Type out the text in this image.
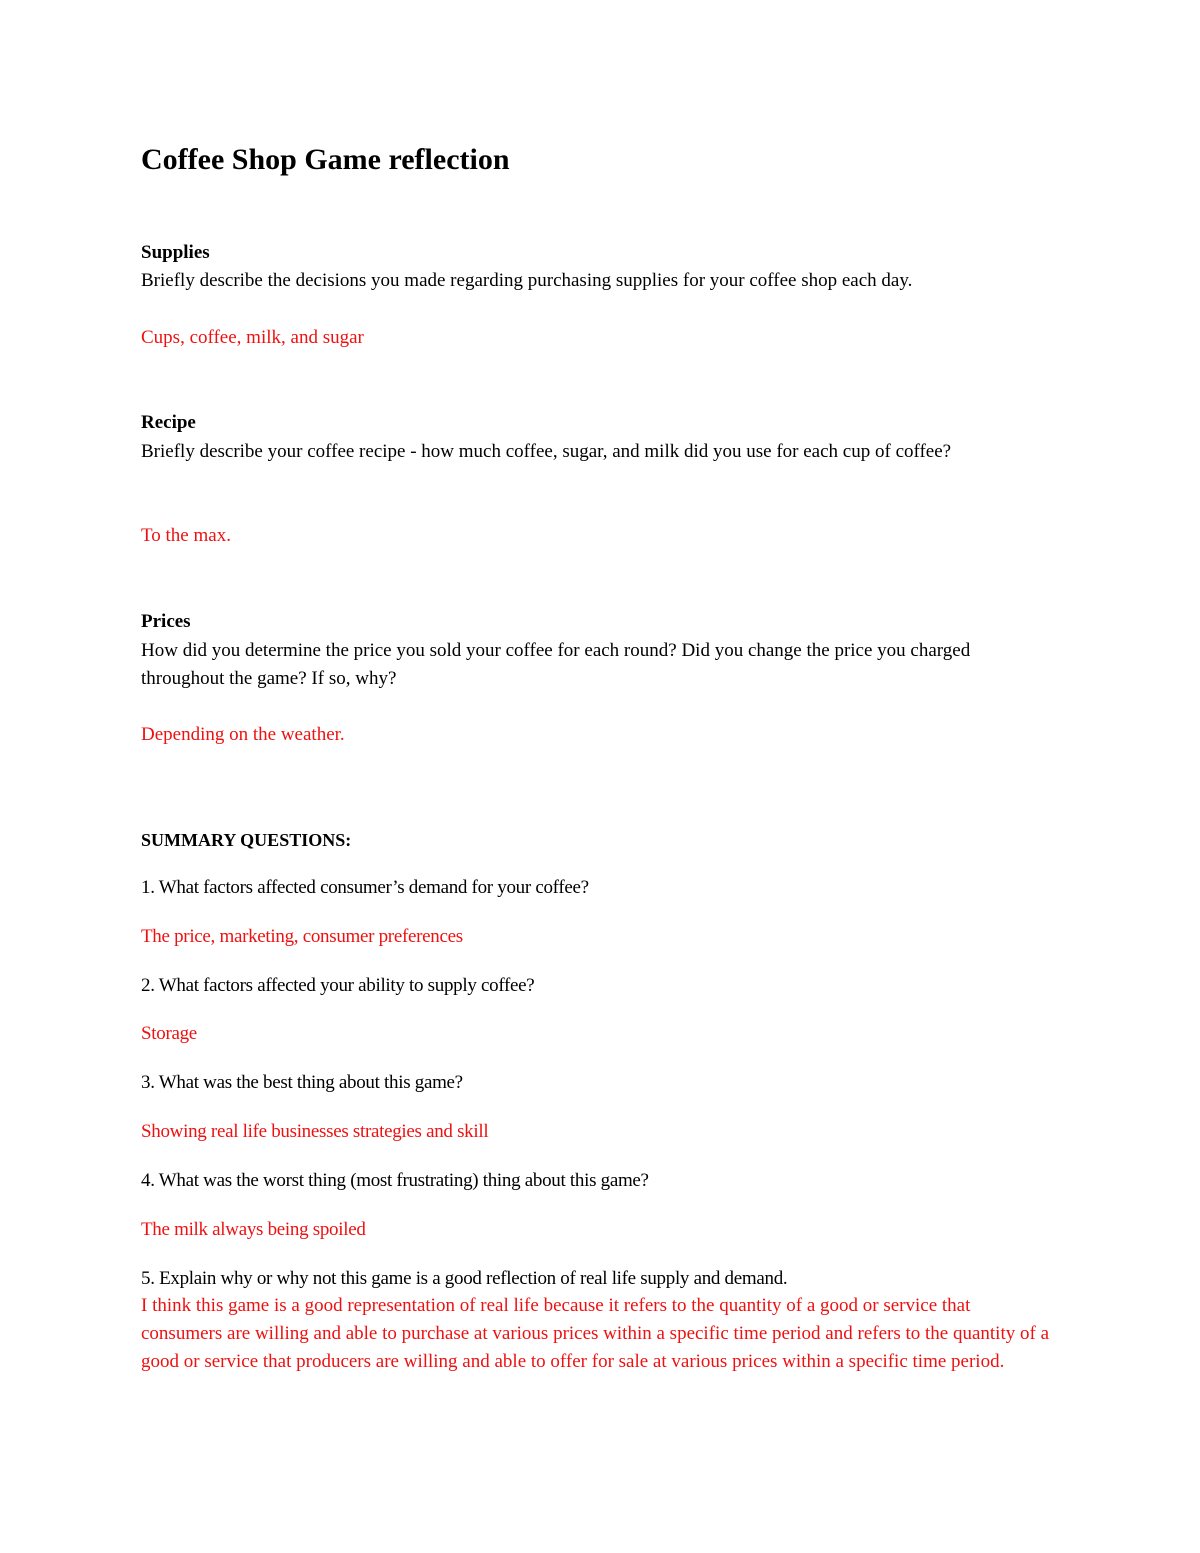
Coffee Shop Game reflection
Supplies
Briefly describe the decisions you made regarding purchasing supplies for your coffee shop each day.
Cups, coffee, milk, and sugar
Recipe
Briefly describe your coffee recipe - how much coffee, sugar, and milk did you use for each cup of coffee?
To the max.
Prices
How did you determine the price you sold your coffee for each round? Did you change the price you charged throughout the game? If so, why?
Depending on the weather.
SUMMARY QUESTIONS:
1. What factors affected consumer’s demand for your coffee?
The price, marketing, consumer preferences
2. What factors affected your ability to supply coffee?
Storage
3. What was the best thing about this game?
Showing real life businesses strategies and skill
4. What was the worst thing (most frustrating) thing about this game?
The milk always being spoiled
5. Explain why or why not this game is a good reflection of real life supply and demand.
I think this game is a good representation of real life because it refers to the quantity of a good or service that consumers are willing and able to purchase at various prices within a specific time period and refers to the quantity of a good or service that producers are willing and able to offer for sale at various prices within a specific time period.
